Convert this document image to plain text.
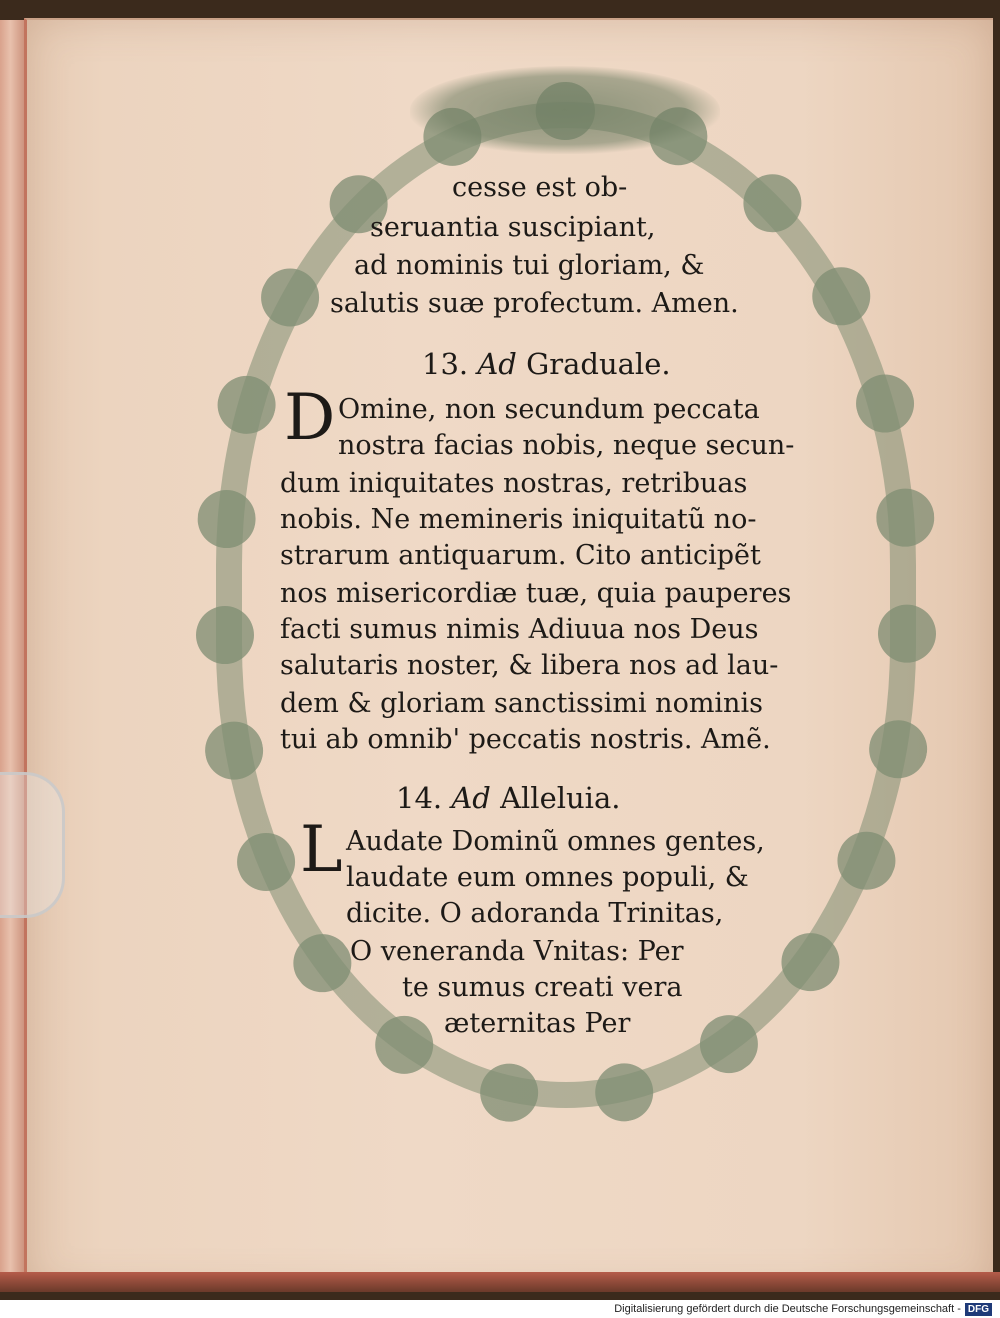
cesse est ob-
seruantia suscipiant,
ad nominis tui gloriam, &
salutis suæ profectum. Amen.
13. Ad Graduale.
D Omine, non secundum peccata
nostra facias nobis, neque secun-
dum iniquitates nostras, retribuas
nobis. Ne memineris iniquitatũ no-
strarum antiquarum. Cito anticipẽt
nos misericordiæ tuæ, quia pauperes
facti sumus nimis Adiuua nos Deus
salutaris noster, & libera nos ad lau-
dem & gloriam sanctissimi nominis
tui ab omnib' peccatis nostris. Amẽ.
14. Ad Alleluia.
L Audate Dominũ omnes gentes,
laudate eum omnes populi, &
dicite. O adoranda Trinitas,
O veneranda Vnitas: Per
te sumus creati vera
æternitas Per
Digitalisierung gefördert durch die Deutsche Forschungsgemeinschaft - DFG
